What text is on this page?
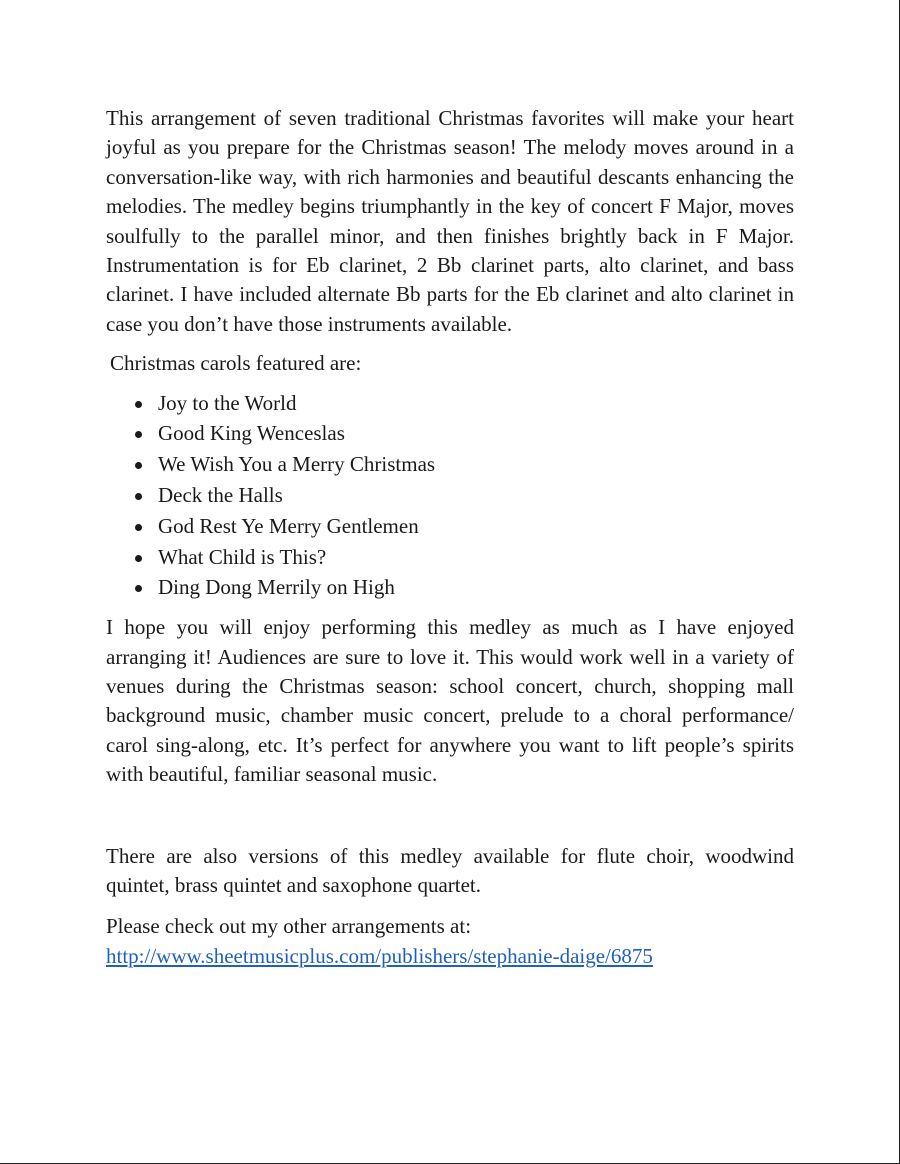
This arrangement of seven traditional Christmas favorites will make your heart joyful as you prepare for the Christmas season! The melody moves around in a conversation-like way, with rich harmonies and beautiful descants enhancing the melodies. The medley begins triumphantly in the key of concert F Major, moves soulfully to the parallel minor, and then finishes brightly back in F Major. Instrumentation is for Eb clarinet, 2 Bb clarinet parts, alto clarinet, and bass clarinet. I have included alternate Bb parts for the Eb clarinet and alto clarinet in case you don’t have those instruments available.

Christmas carols featured are:

Joy to the World
Good King Wenceslas
We Wish You a Merry Christmas
Deck the Halls
God Rest Ye Merry Gentlemen
What Child is This?
Ding Dong Merrily on High

I hope you will enjoy performing this medley as much as I have enjoyed arranging it! Audiences are sure to love it. This would work well in a variety of venues during the Christmas season: school concert, church, shopping mall background music, chamber music concert, prelude to a choral performance/ carol sing-along, etc. It’s perfect for anywhere you want to lift people’s spirits with beautiful, familiar seasonal music.

There are also versions of this medley available for flute choir, woodwind quintet, brass quintet and saxophone quartet.

Please check out my other arrangements at:

http://www.sheetmusicplus.com/publishers/stephanie-daige/6875
